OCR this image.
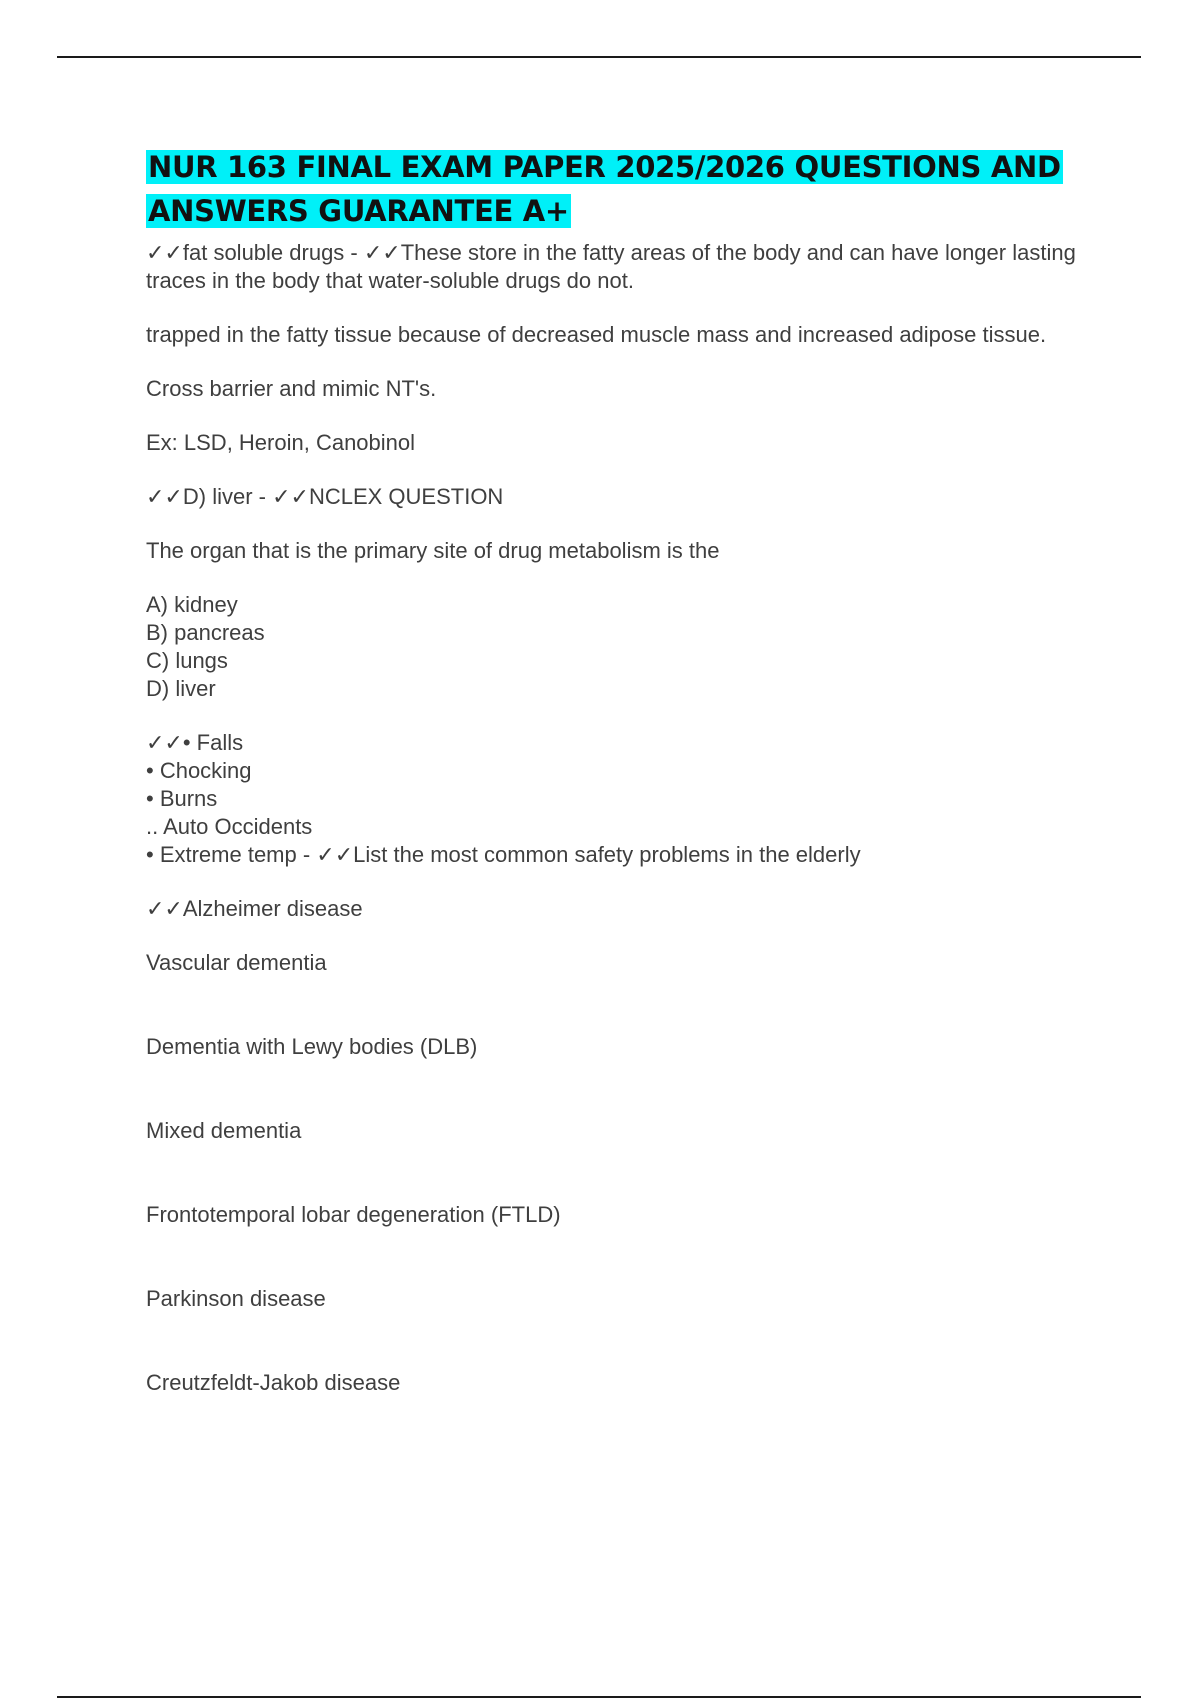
NUR 163 FINAL EXAM PAPER 2025/2026 QUESTIONS AND ANSWERS GUARANTEE A+

✓✓fat soluble drugs - ✓✓These store in the fatty areas of the body and can have longer lasting traces in the body that water-soluble drugs do not.

trapped in the fatty tissue because of decreased muscle mass and increased adipose tissue.

Cross barrier and mimic NT's.

Ex: LSD, Heroin, Canobinol

✓✓D) liver - ✓✓NCLEX QUESTION

The organ that is the primary site of drug metabolism is the

A) kidney
B) pancreas
C) lungs
D) liver
✓✓• Falls
• Chocking
• Burns
.. Auto Occidents
• Extreme temp - ✓✓List the most common safety problems in the elderly

✓✓Alzheimer disease

Vascular dementia

Dementia with Lewy bodies (DLB)

Mixed dementia

Frontotemporal lobar degeneration (FTLD)

Parkinson disease

Creutzfeldt-Jakob disease
